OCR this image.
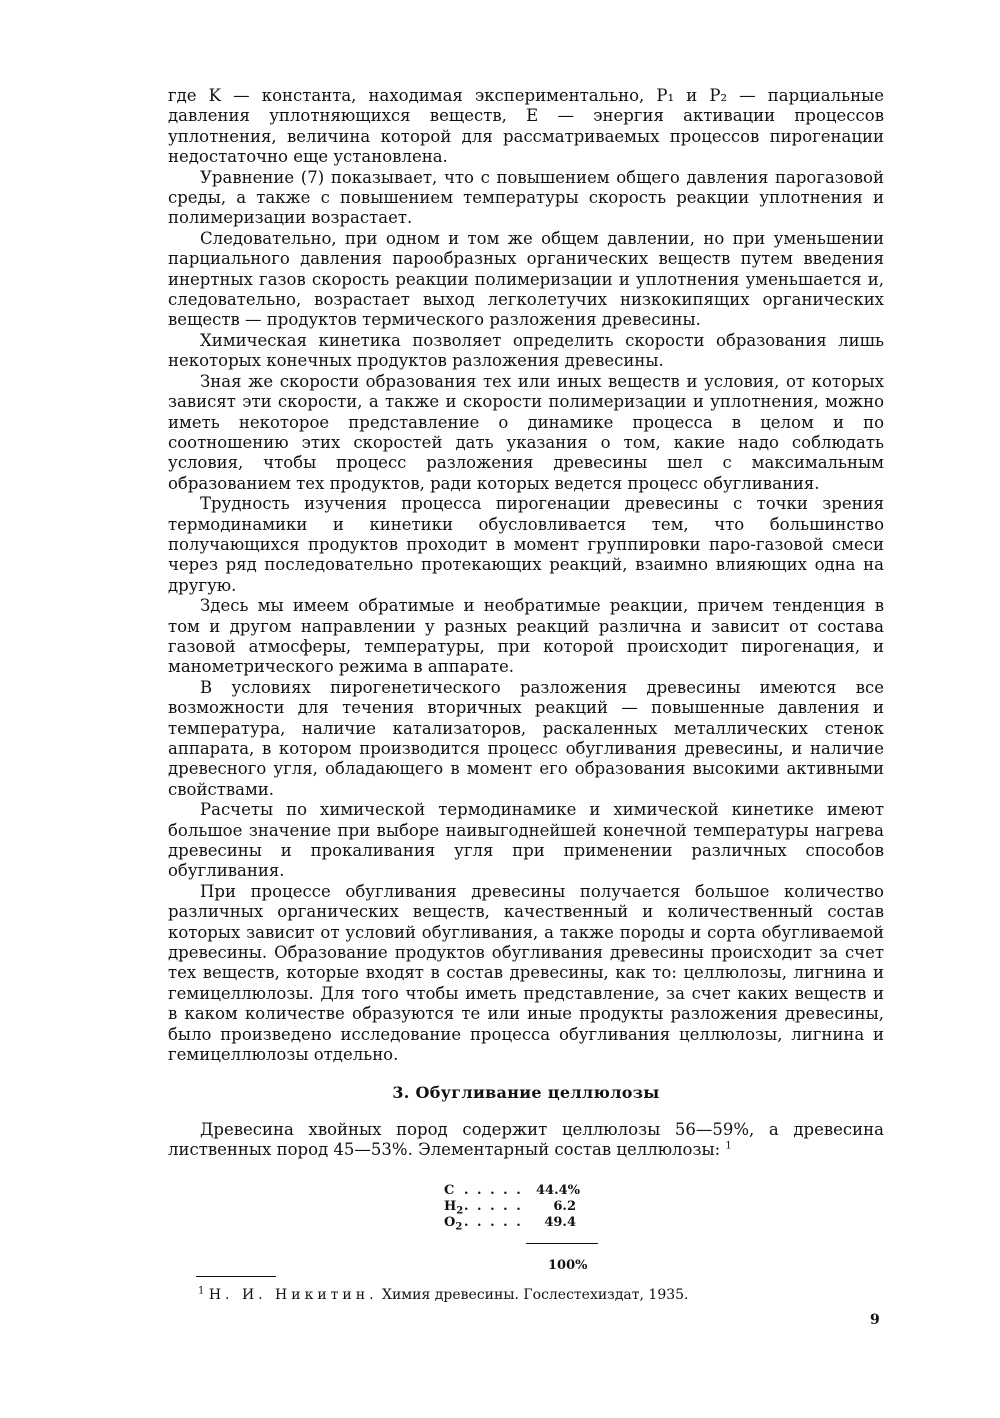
где K — константа, находимая экспериментально, P₁ и P₂ — парциальные давления уплотняющихся веществ, E — энергия активации процессов уплотнения, величина которой для рассматриваемых процессов пирогенации недостаточно еще установлена.

Уравнение (7) показывает, что с повышением общего давления парогазовой среды, а также с повышением температуры скорость реакции уплотнения и полимеризации возрастает.

Следовательно, при одном и том же общем давлении, но при уменьшении парциального давления парообразных органических веществ путем введения инертных газов скорость реакции полимеризации и уплотнения уменьшается и, следовательно, возрастает выход легколетучих низкокипящих органических веществ — продуктов термического разложения древесины.

Химическая кинетика позволяет определить скорости образования лишь некоторых конечных продуктов разложения древесины.

Зная же скорости образования тех или иных веществ и условия, от которых зависят эти скорости, а также и скорости полимеризации и уплотнения, можно иметь некоторое представление о динамике процесса в целом и по соотношению этих скоростей дать указания о том, какие надо соблюдать условия, чтобы процесс разложения древесины шел с максимальным образованием тех продуктов, ради которых ведется процесс обугливания.

Трудность изучения процесса пирогенации древесины с точки зрения термодинамики и кинетики обусловливается тем, что большинство получающихся продуктов проходит в момент группировки паро-газовой смеси через ряд последовательно протекающих реакций, взаимно влияющих одна на другую.

Здесь мы имеем обратимые и необратимые реакции, причем тенденция в том и другом направлении у разных реакций различна и зависит от состава газовой атмосферы, температуры, при которой происходит пирогенация, и манометрического режима в аппарате.

В условиях пирогенетического разложения древесины имеются все возможности для течения вторичных реакций — повышенные давления и температура, наличие катализаторов, раскаленных металлических стенок аппарата, в котором производится процесс обугливания древесины, и наличие древесного угля, обладающего в момент его образования высокими активными свойствами.

Расчеты по химической термодинамике и химической кинетике имеют большое значение при выборе наивыгоднейшей конечной температуры нагрева древесины и прокаливания угля при применении различных способов обугливания.

При процессе обугливания древесины получается большое количество различных органических веществ, качественный и количественный состав которых зависит от условий обугливания, а также породы и сорта обугливаемой древесины. Образование продуктов обугливания древесины происходит за счет тех веществ, которые входят в состав древесины, как то: целлюлозы, лигнина и гемицеллюлозы. Для того чтобы иметь представление, за счет каких веществ и в каком количестве образуются те или иные продукты разложения древесины, было произведено исследование процесса обугливания целлюлозы, лигнина и гемицеллюлозы отдельно.

3. Обугливание целлюлозы

Древесина хвойных пород содержит целлюлозы 56—59%, а древесина лиственных пород 45—53%. Элементарный состав целлюлозы: $^1$

C . . . . .	44.4%
$H_2$ . . . . .	6.2
$O_2$ . . . . .	49.4
100%
$^1$ Н. И. Никитин. Химия древесины. Гослестехиздат, 1935.
9
